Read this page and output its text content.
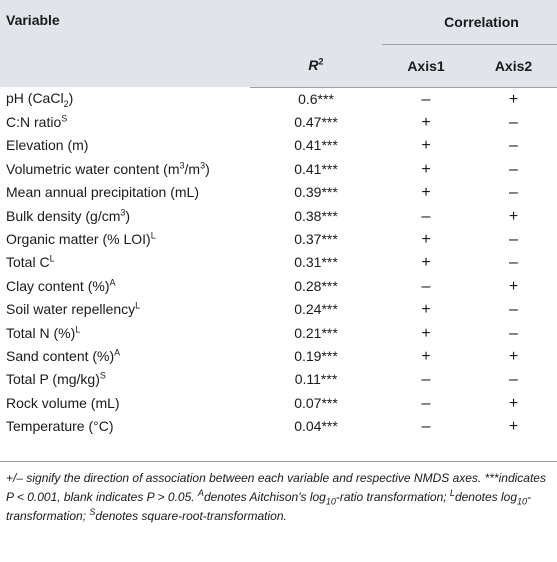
Variable		Correlation	
	$R^2$	Axis1	Axis2
pH (CaCl$_2$)	0.6***	–	+
C:N ratio$^S$	0.47***	+	–
Elevation (m)	0.41***	+	–
Volumetric water content $(m^3/m^3)$	0.41***	+	–
Mean annual precipitation (mL)	0.39***	+	–
Bulk density $(g/cm^3)$	0.38***	–	+
Organic matter (% LOI)$^L$	0.37***	+	–
Total $C^L$	0.31***	+	–
Clay content (%)$^A$	0.28***	–	+
Soil water repellency$^L$	0.24***	+	–
Total N (%)$^L$	0.21***	+	–
Sand content (%)$^A$	0.19***	+	+
Total P $(mg/kg)^S$	0.11***	–	–
Rock volume (mL)	0.07***	–	+
Temperature (°C)	0.04***	–	+
+/– signify the direction of association between each variable and respective NMDS axes. ***indicates P < 0.001, blank indicates P > 0.05. $^A$denotes Aitchison's $\log_{10}$-ratio transformation; $^L$denotes $\log_{10}$-transformation; $^S$denotes square-root-transformation.
